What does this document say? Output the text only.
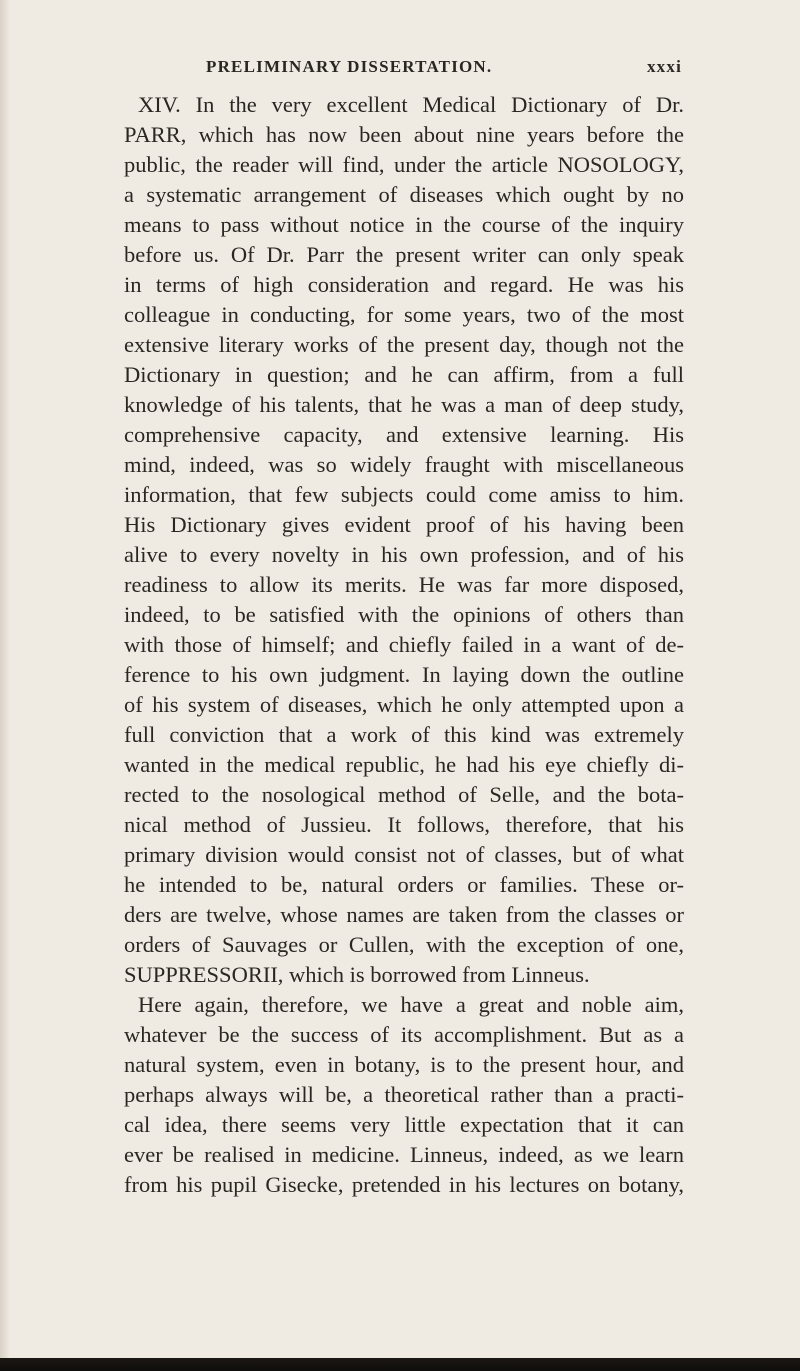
PRELIMINARY DISSERTATION.	xxxi
XIV. In the very excellent Medical Dictionary of Dr.
PARR, which has now been about nine years before the
public, the reader will find, under the article NOSOLOGY,
a systematic arrangement of diseases which ought by no
means to pass without notice in the course of the inquiry
before us. Of Dr. Parr the present writer can only speak
in terms of high consideration and regard. He was his
colleague in conducting, for some years, two of the most
extensive literary works of the present day, though not the
Dictionary in question; and he can affirm, from a full
knowledge of his talents, that he was a man of deep study,
comprehensive capacity, and extensive learning. His
mind, indeed, was so widely fraught with miscellaneous
information, that few subjects could come amiss to him.
His Dictionary gives evident proof of his having been
alive to every novelty in his own profession, and of his
readiness to allow its merits. He was far more disposed,
indeed, to be satisfied with the opinions of others than
with those of himself; and chiefly failed in a want of de-
ference to his own judgment. In laying down the outline
of his system of diseases, which he only attempted upon a
full conviction that a work of this kind was extremely
wanted in the medical republic, he had his eye chiefly di-
rected to the nosological method of Selle, and the bota-
nical method of Jussieu. It follows, therefore, that his
primary division would consist not of classes, but of what
he intended to be, natural orders or families. These or-
ders are twelve, whose names are taken from the classes or
orders of Sauvages or Cullen, with the exception of one,
SUPPRESSORII, which is borrowed from Linneus.
Here again, therefore, we have a great and noble aim,
whatever be the success of its accomplishment. But as a
natural system, even in botany, is to the present hour, and
perhaps always will be, a theoretical rather than a practi-
cal idea, there seems very little expectation that it can
ever be realised in medicine. Linneus, indeed, as we learn
from his pupil Gisecke, pretended in his lectures on botany,
